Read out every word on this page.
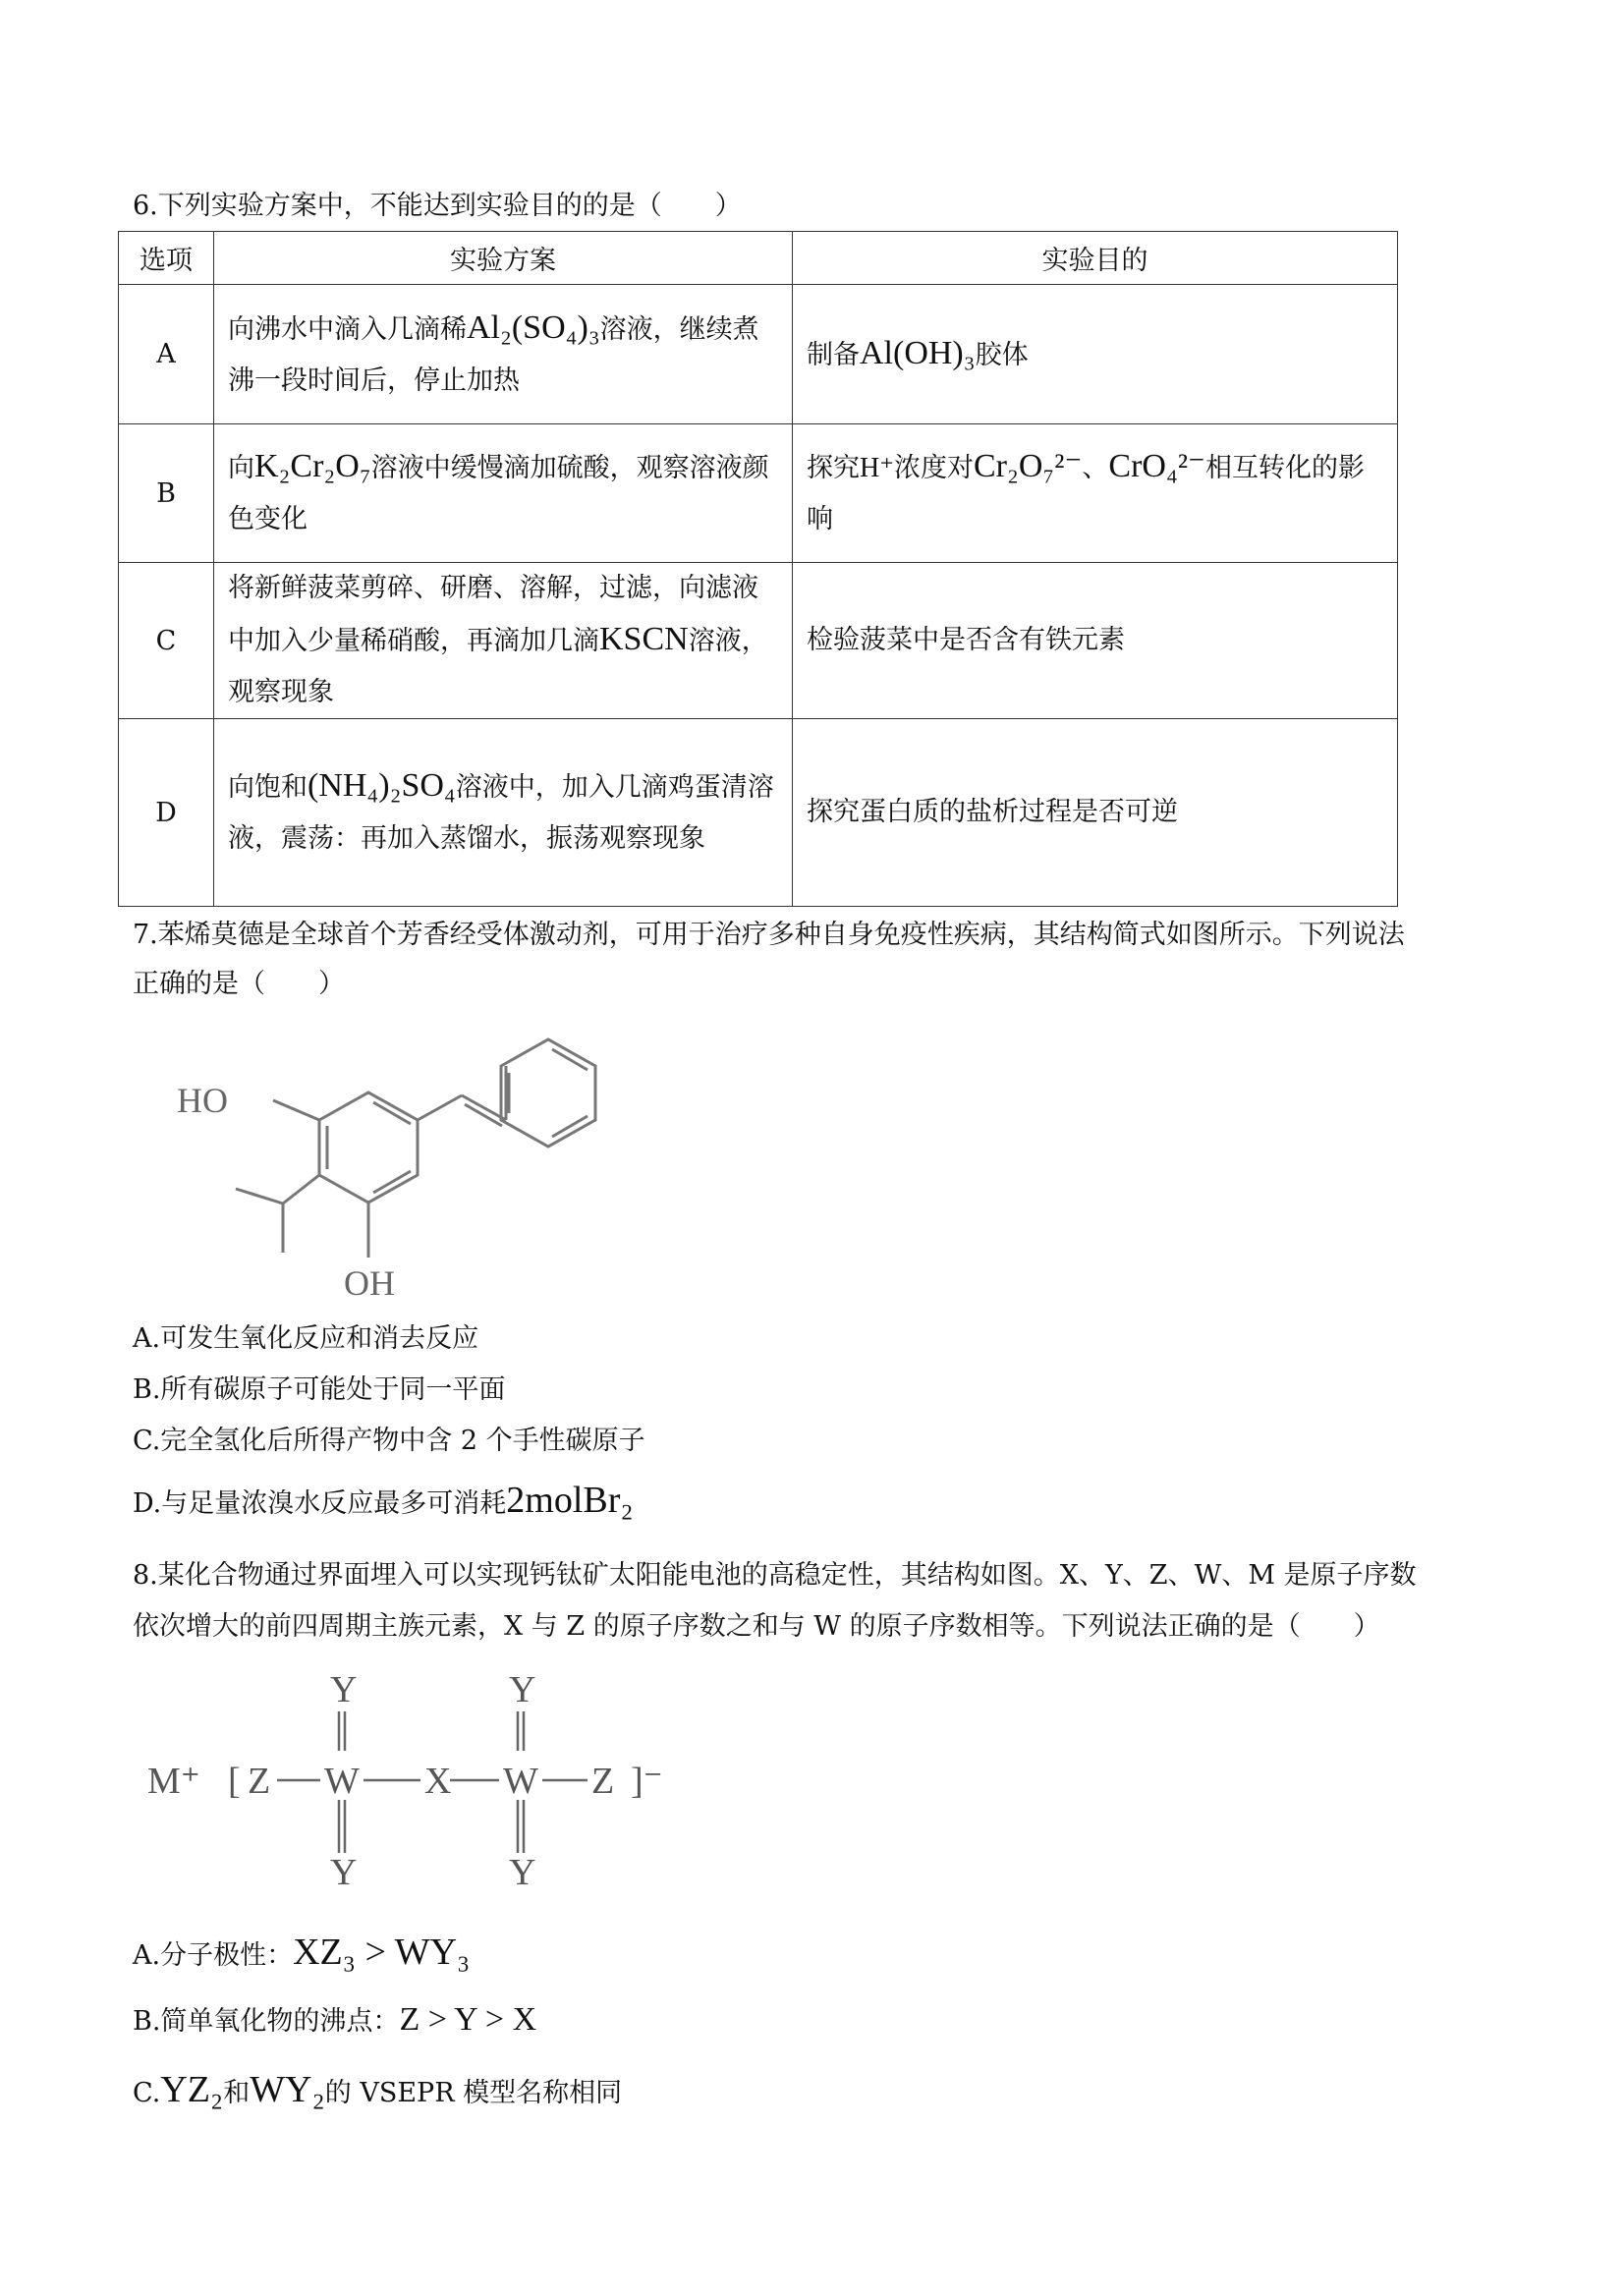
6.下列实验方案中，不能达到实验目的的是（　　）
选项	实验方案	实验目的
A	向沸水中滴入几滴稀Al₂(SO₄)₃溶液，继续煮沸一段时间后，停止加热	制备Al(OH)₃胶体
B	向K₂Cr₂O₇溶液中缓慢滴加硫酸，观察溶液颜色变化	探究H⁺浓度对Cr₂O₇²⁻、CrO₄²⁻相互转化的影响
C	将新鲜菠菜剪碎、研磨、溶解，过滤，向滤液中加入少量稀硝酸，再滴加几滴KSCN溶液，观察现象	检验菠菜中是否含有铁元素
D	向饱和(NH₄)₂SO₄溶液中，加入几滴鸡蛋清溶液，震荡：再加入蒸馏水，振荡观察现象	探究蛋白质的盐析过程是否可逆
7.苯烯莫德是全球首个芳香经受体激动剂，可用于治疗多种自身免疫性疾病，其结构简式如图所示。下列说法
正确的是（　　）
HO
OH
A.可发生氧化反应和消去反应
B.所有碳原子可能处于同一平面
C.完全氢化后所得产物中含 2 个手性碳原子
D.与足量浓溴水反应最多可消耗2molBr₂
8.某化合物通过界面埋入可以实现钙钛矿太阳能电池的高稳定性，其结构如图。X、Y、Z、W、M 是原子序数
依次增大的前四周期主族元素，X 与 Z 的原子序数之和与 W 的原子序数相等。下列说法正确的是（　　）
M⁺ [ Z W X W Z ]⁻
Y	Y
Y	Y
A.分子极性：XZ₃ > WY₃
B.简单氧化物的沸点：Z > Y > X
C.YZ₂和WY₂的 VSEPR 模型名称相同
